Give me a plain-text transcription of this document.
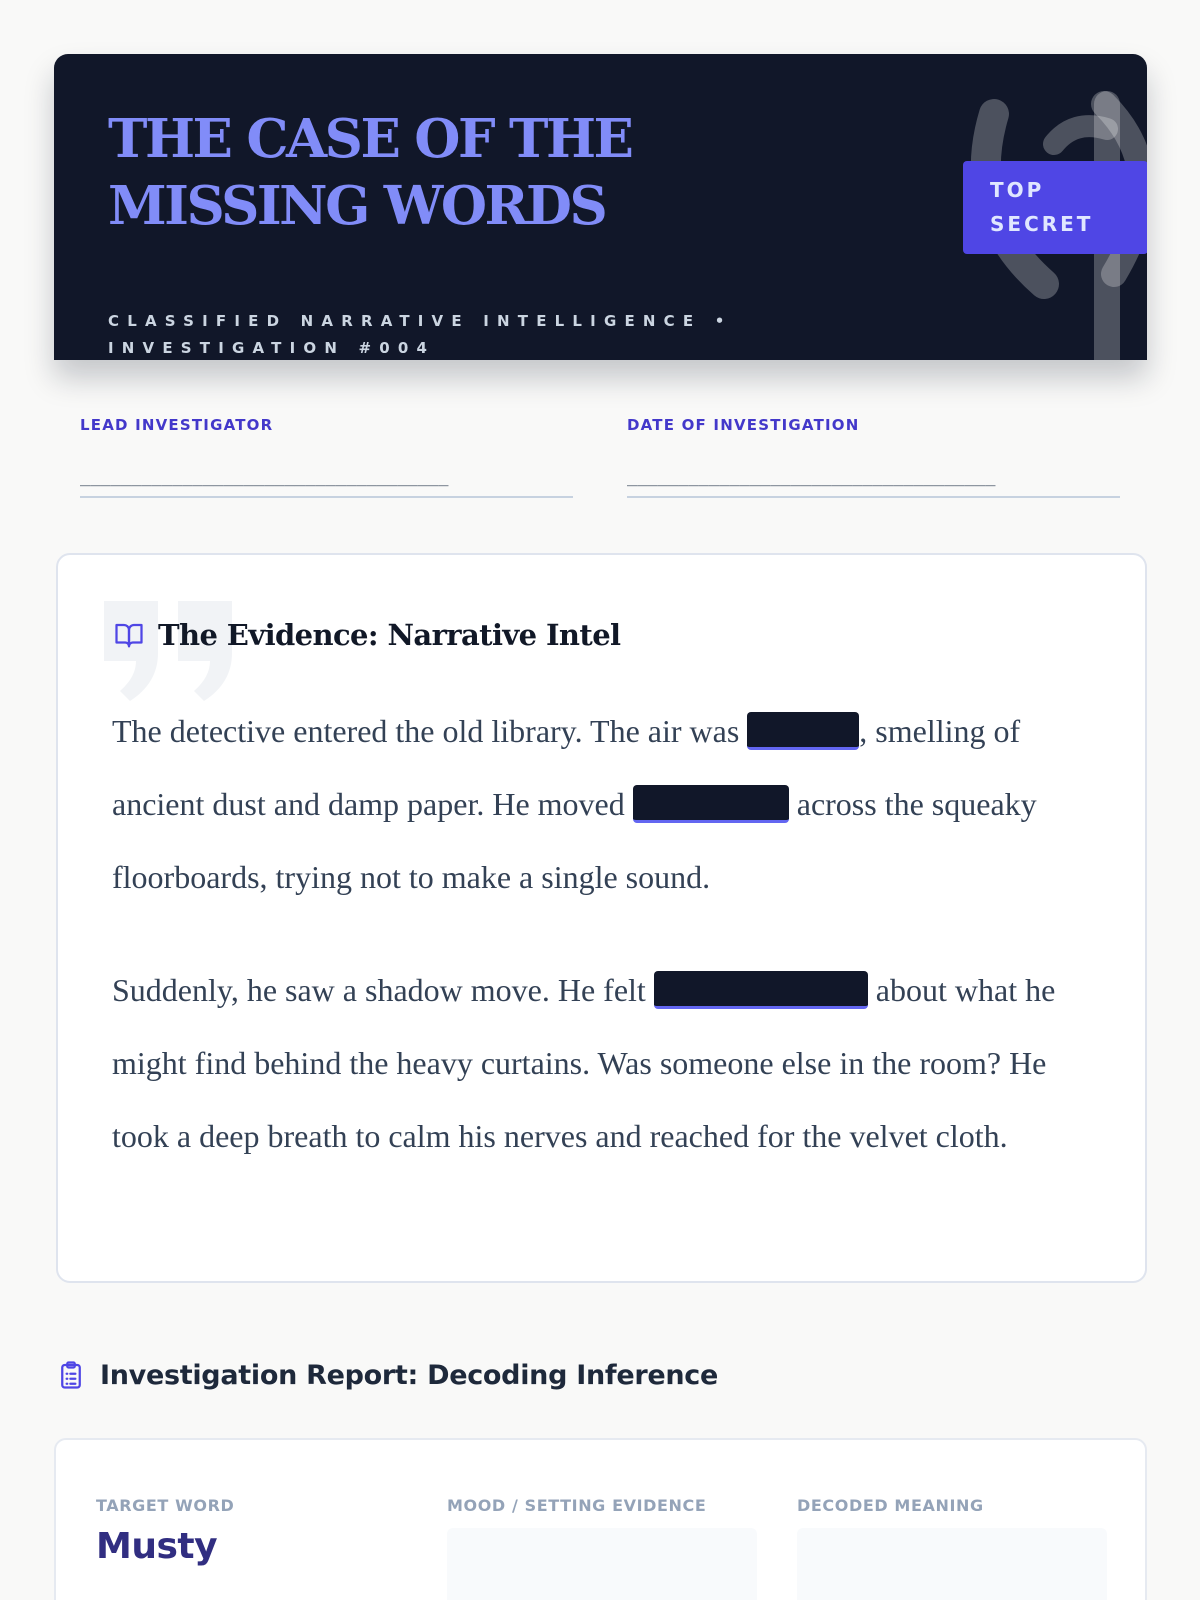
THE CASE OF THE MISSING WORDS
CLASSIFIED NARRATIVE INTELLIGENCE • INVESTIGATION #004
TOP SECRET
LEAD INVESTIGATOR
____________________________________
DATE OF INVESTIGATION
____________________________________
The Evidence: Narrative Intel

The detective entered the old library. The air was	, smelling of
ancient dust and damp paper. He moved	across the squeaky
floorboards, trying not to make a single sound.

Suddenly, he saw a shadow move. He felt	about what he
might find behind the heavy curtains. Was someone else in the room? He
took a deep breath to calm his nerves and reached for the velvet cloth.

Investigation Report: Decoding Inference
TARGET WORD	MOOD / SETTING EVIDENCE	DECODED MEANING
Musty
